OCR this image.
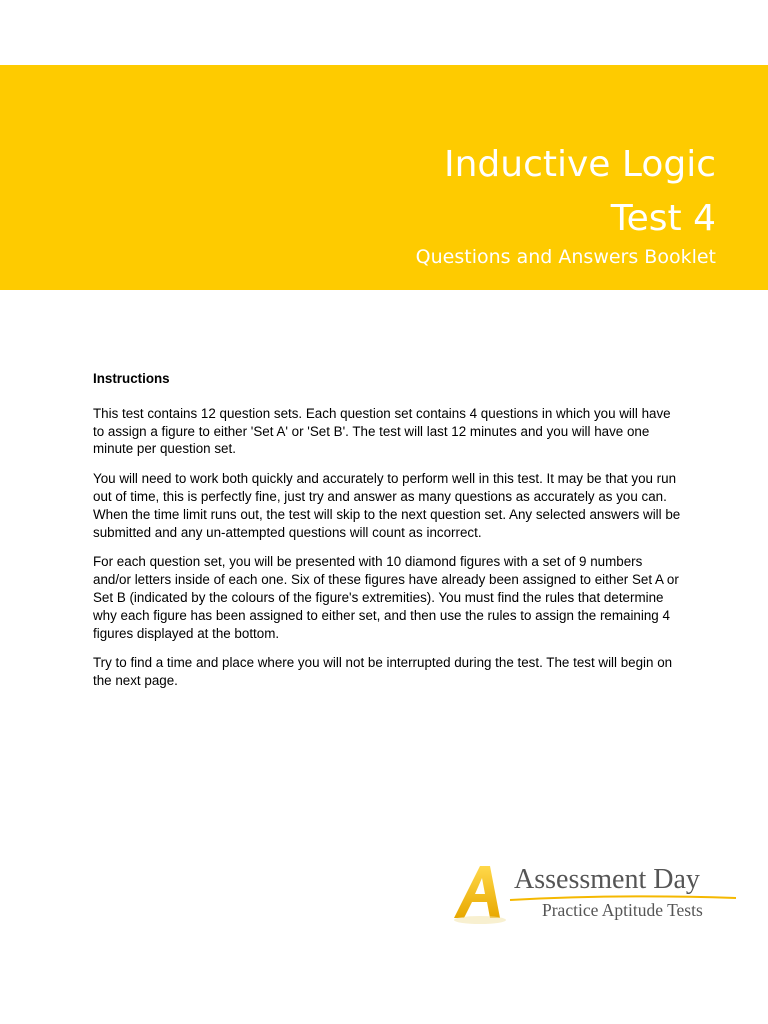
Inductive Logic
Test 4
Questions and Answers Booklet
Instructions

This test contains 12 question sets. Each question set contains 4 questions in which you will have to assign a figure to either 'Set A' or 'Set B'. The test will last 12 minutes and you will have one minute per question set.

You will need to work both quickly and accurately to perform well in this test. It may be that you run out of time, this is perfectly fine, just try and answer as many questions as accurately as you can. When the time limit runs out, the test will skip to the next question set. Any selected answers will be submitted and any un-attempted questions will count as incorrect.

For each question set, you will be presented with 10 diamond figures with a set of 9 numbers and/or letters inside of each one. Six of these figures have already been assigned to either Set A or Set B (indicated by the colours of the figure's extremities). You must find the rules that determine why each figure has been assigned to either set, and then use the rules to assign the remaining 4 figures displayed at the bottom.

Try to find a time and place where you will not be interrupted during the test. The test will begin on the next page.

Assessment Day
Practice Aptitude Tests
